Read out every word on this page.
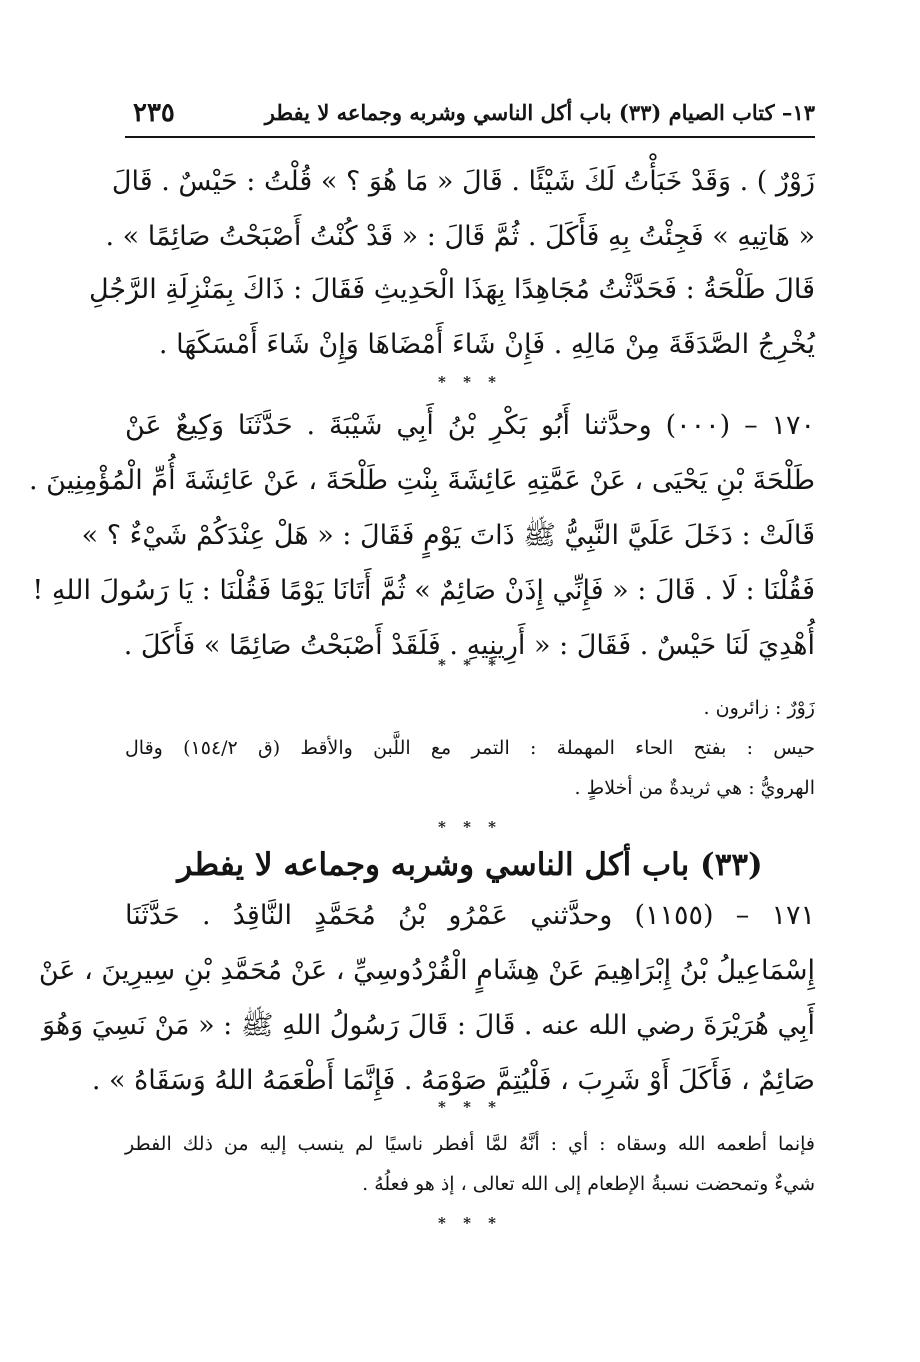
٢٣٥	١٣– كتاب الصيام (٣٣) باب أكل الناسي وشربه وجماعه لا يفطر
زَوْرٌ ) . وَقَدْ خَبَأْتُ لَكَ شَيْئًا . قَالَ « مَا هُوَ ؟ » قُلْتُ : حَيْسٌ . قَالَ
« هَاتِيهِ » فَجِئْتُ بِهِ فَأَكَلَ . ثُمَّ قَالَ : « قَدْ كُنْتُ أَصْبَحْتُ صَائِمًا » .
قَالَ طَلْحَةُ : فَحَدَّثْتُ مُجَاهِدًا بِهَذَا الْحَدِيثِ فَقَالَ : ذَاكَ بِمَنْزِلَةِ الرَّجُلِ
يُخْرِجُ الصَّدَقَةَ مِنْ مَالِهِ . فَإِنْ شَاءَ أَمْضَاهَا وَإِنْ شَاءَ أَمْسَكَهَا .
* * *
١٧٠ – (٠٠٠) وحدَّثنا أَبُو بَكْرِ بْنُ أَبِي شَيْبَةَ . حَدَّثَنَا وَكِيعٌ عَنْ
طَلْحَةَ بْنِ يَحْيَى ، عَنْ عَمَّتِهِ عَائِشَةَ بِنْتِ طَلْحَةَ ، عَنْ عَائِشَةَ أُمِّ الْمُؤْمِنِينَ .
قَالَتْ : دَخَلَ عَلَيَّ النَّبِيُّ ﷺ ذَاتَ يَوْمٍ فَقَالَ : « هَلْ عِنْدَكُمْ شَيْءٌ ؟ »
فَقُلْنَا : لَا . قَالَ : « فَإِنِّي إِذَنْ صَائِمٌ » ثُمَّ أَتَانَا يَوْمًا فَقُلْنَا : يَا رَسُولَ اللهِ !
أُهْدِيَ لَنَا حَيْسٌ . فَقَالَ : « أَرِينِيهِ . فَلَقَدْ أَصْبَحْتُ صَائِمًا » فَأَكَلَ .
* * *
زَوْرٌ : زائرون .
حيس : بفتح الحاء المهملة : التمر مع اللَّبن والأقط (ق ١٥٤/٢) وقال
الهرويُّ : هي ثريدةٌ من أخلاطٍ .
* * *
(٣٣) باب أكل الناسي وشربه وجماعه لا يفطر
١٧١ – (١١٥٥) وحدَّثني عَمْرُو بْنُ مُحَمَّدٍ النَّاقِدُ . حَدَّثَنَا
إِسْمَاعِيلُ بْنُ إِبْرَاهِيمَ عَنْ هِشَامٍ الْقُرْدُوسِيِّ ، عَنْ مُحَمَّدِ بْنِ سِيرِينَ ، عَنْ
أَبِي هُرَيْرَةَ رضي الله عنه . قَالَ : قَالَ رَسُولُ اللهِ ﷺ : « مَنْ نَسِيَ وَهُوَ
صَائِمٌ ، فَأَكَلَ أَوْ شَرِبَ ، فَلْيُتِمَّ صَوْمَهُ . فَإِنَّمَا أَطْعَمَهُ اللهُ وَسَقَاهُ » .
* * *
فإنما أطعمه الله وسقاه : أي : أنَّهُ لمَّا أفطر ناسيًا لم ينسب إليه من ذلك الفطر
شيءٌ وتمحضت نسبةُ الإطعام إلى الله تعالى ، إذ هو فعلُهُ .
* * *
